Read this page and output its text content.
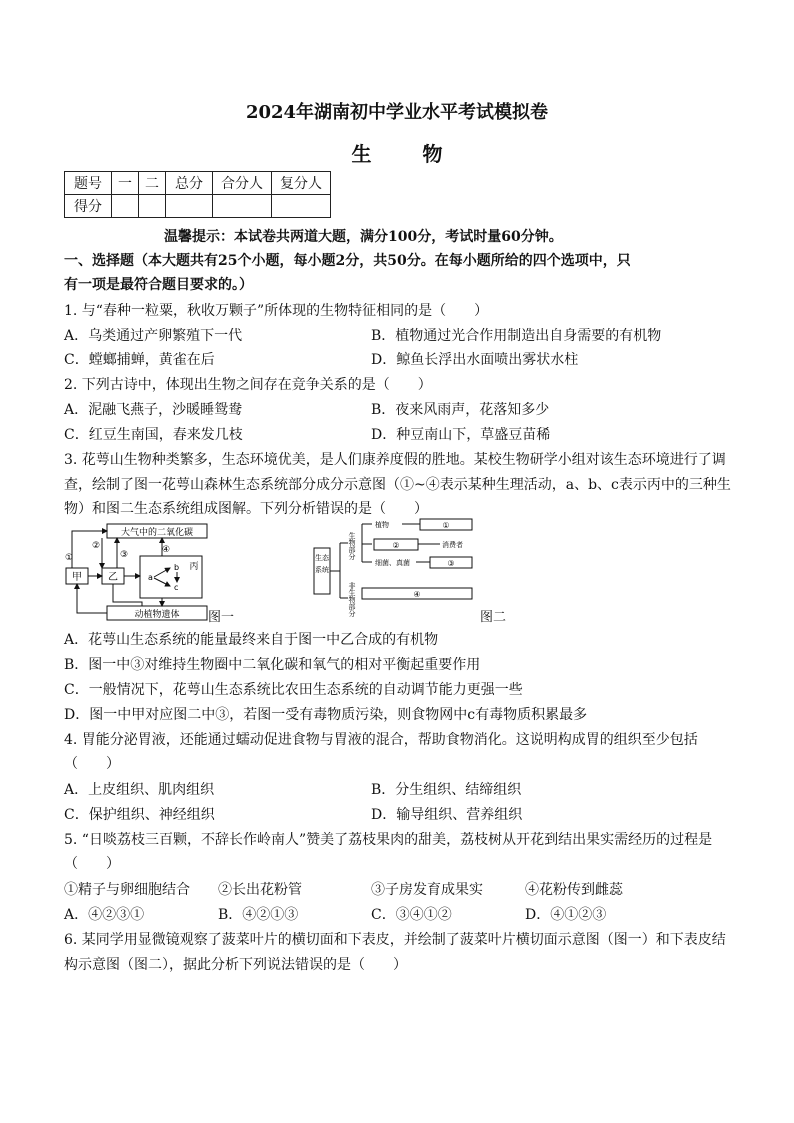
2024年湖南初中学业水平考试模拟卷
生 物
题号	一	二	总分	合分人	复分人
得分					
温馨提示：本试卷共两道大题，满分100分，考试时量60分钟。
一、选择题（本大题共有25个小题，每小题2分，共50分。在每小题所给的四个选项中，只
有一项是最符合题目要求的。）
1. 与“春种一粒粟，秋收万颗子”所体现的生物特征相同的是（　　）
A．乌类通过产卵繁殖下一代	B．植物通过光合作用制造出自身需要的有机物
C．螳螂捕蝉，黄雀在后	D．鲸鱼长浮出水面喷出雾状水柱
2. 下列古诗中，体现出生物之间存在竞争关系的是（　　）
A．泥融飞燕子，沙暖睡鸳鸯	B．夜来风雨声，花落知多少
C．红豆生南国，春来发几枝	D．种豆南山下，草盛豆苗稀
3. 花萼山生物种类繁多，生态环境优美，是人们康养度假的胜地。某校生物研学小组对该生态环境进行了调
查，绘制了图一花萼山森林生态系统部分成分示意图（①~④表示某种生理活动，a、b、c表示丙中的三种生
物）和图二生态系统组成图解。下列分析错误的是（　　）
大气中的二氧化碳
甲	乙
丙
a
b
c
动植物遗体
①
②
③	④
图一
生态
系统
生物部分
非生物部分
植物
细菌、真菌
①
②	消费者
③
④
图二
A．花萼山生态系统的能量最终来自于图一中乙合成的有机物
B．图一中③对维持生物圈中二氧化碳和氧气的相对平衡起重要作用
C．一般情况下，花萼山生态系统比农田生态系统的自动调节能力更强一些
D．图一中甲对应图二中③，若图一受有毒物质污染，则食物网中c有毒物质积累最多
4. 胃能分泌胃液，还能通过蠕动促进食物与胃液的混合，帮助食物消化。这说明构成胃的组织至少包括
（　　）
A．上皮组织、肌肉组织	B．分生组织、结缔组织
C．保护组织、神经组织	D．输导组织、营养组织
5. “日啖荔枝三百颗，不辞长作岭南人”赞美了荔枝果肉的甜美，荔枝树从开花到结出果实需经历的过程是
（　　）
①精子与卵细胞结合 ②长出花粉管	③子房发育成果实	④花粉传到雌蕊
A．④②③①	B．④②①③	C．③④①②	D．④①②③
6. 某同学用显微镜观察了菠菜叶片的横切面和下表皮，并绘制了菠菜叶片横切面示意图（图一）和下表皮结
构示意图（图二），据此分析下列说法错误的是（　　）
